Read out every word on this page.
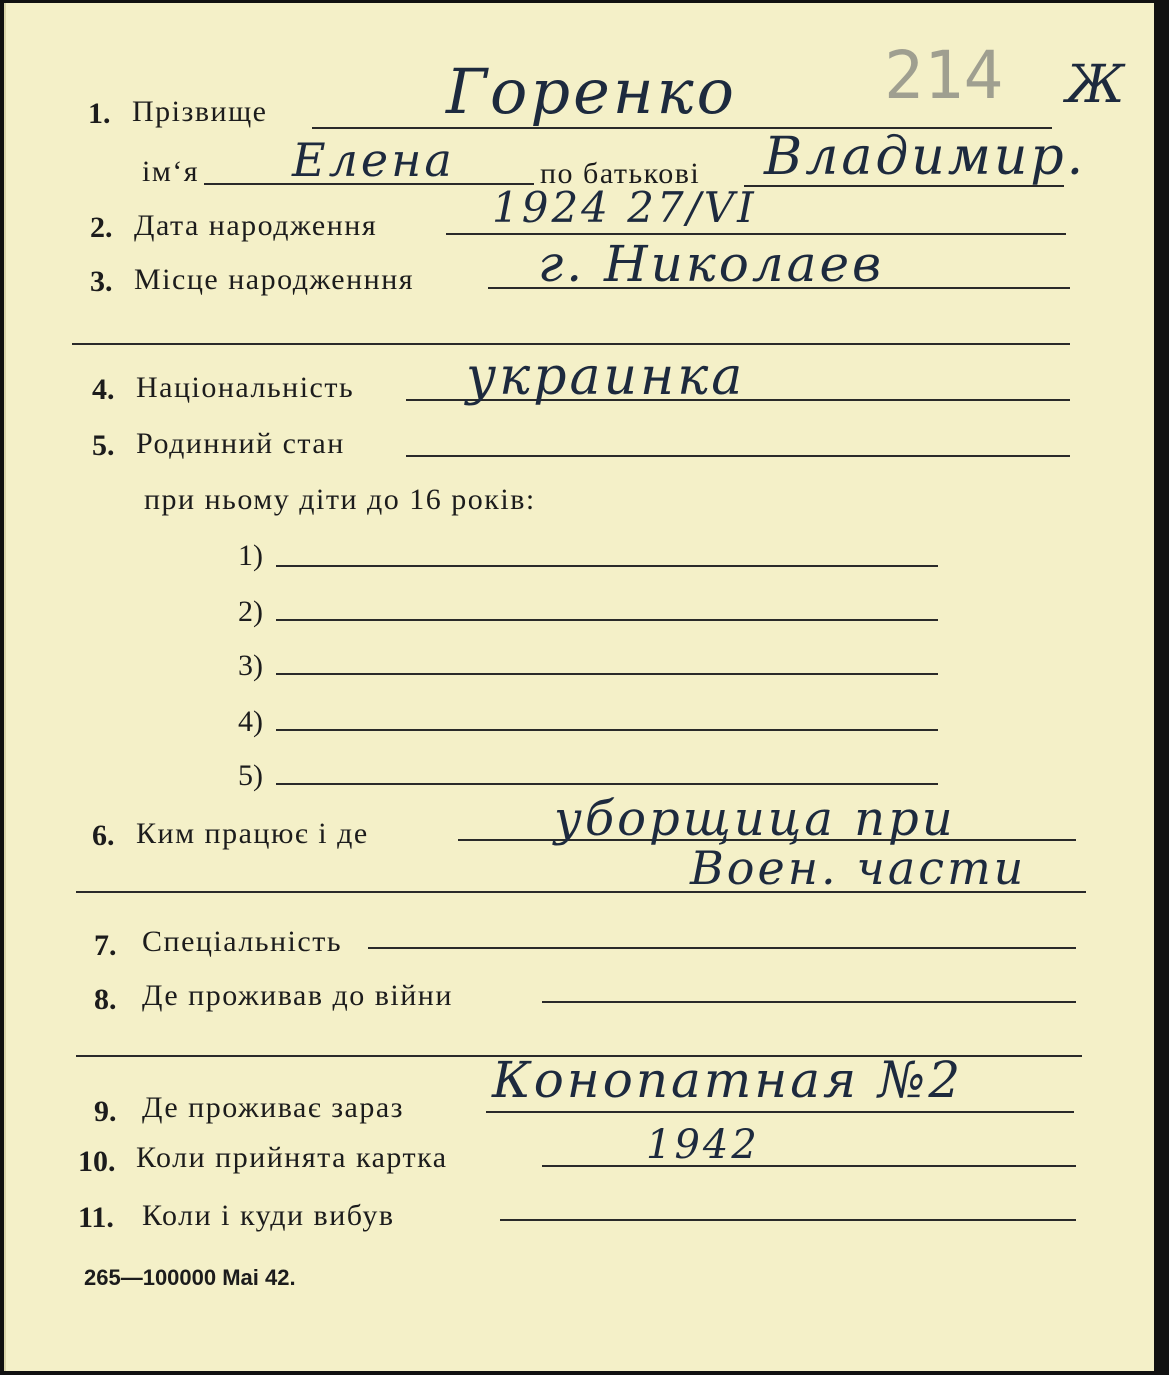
214 Ж
1. Прізвище	Горенко
ім‘я Елена	по батькові Владимир.
2. Дата народження	1924 27/VI
3. Місце народженння г. Николаев
4. Національність украинка
5. Родинний стан
при ньому діти до 16 років:
1)
2)
3)
4)
5)
6. Ким працює і де	уборщица при
Воен. части
7. Спеціальність
8. Де проживав до війни
9. Де проживає зараз Конопатная №2
10. Коли прийнята картка	1942
11. Коли і куди вибув
265—100000 Mai 42.
